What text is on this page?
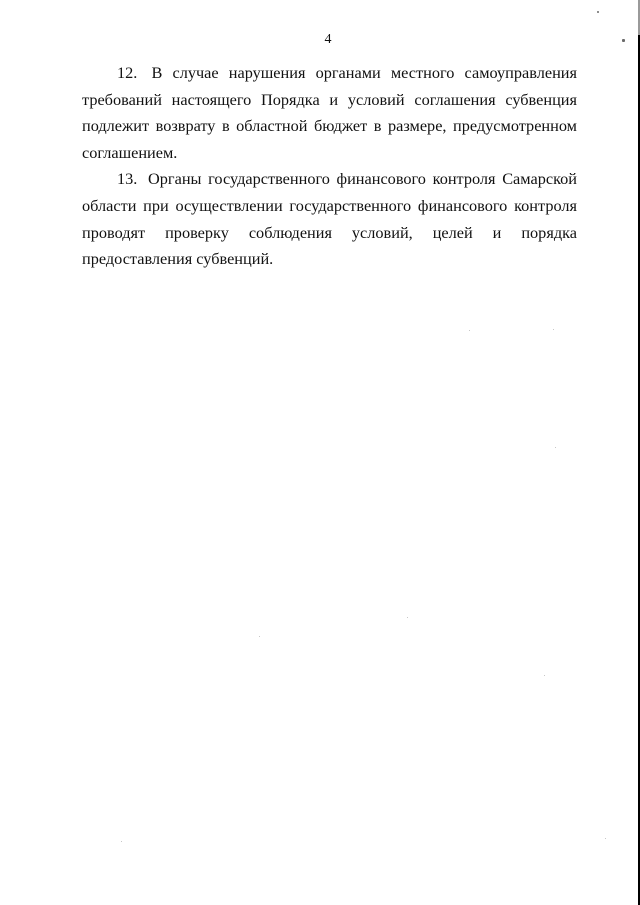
4

12. В случае нарушения органами местного самоуправления требований настоящего Порядка и условий соглашения субвенция подлежит возврату в областной бюджет в размере, предусмотренном соглашением.

13. Органы государственного финансового контроля Самарской области при осуществлении государственного финансового контроля проводят проверку соблюдения условий, целей и порядка предоставления субвенций.
